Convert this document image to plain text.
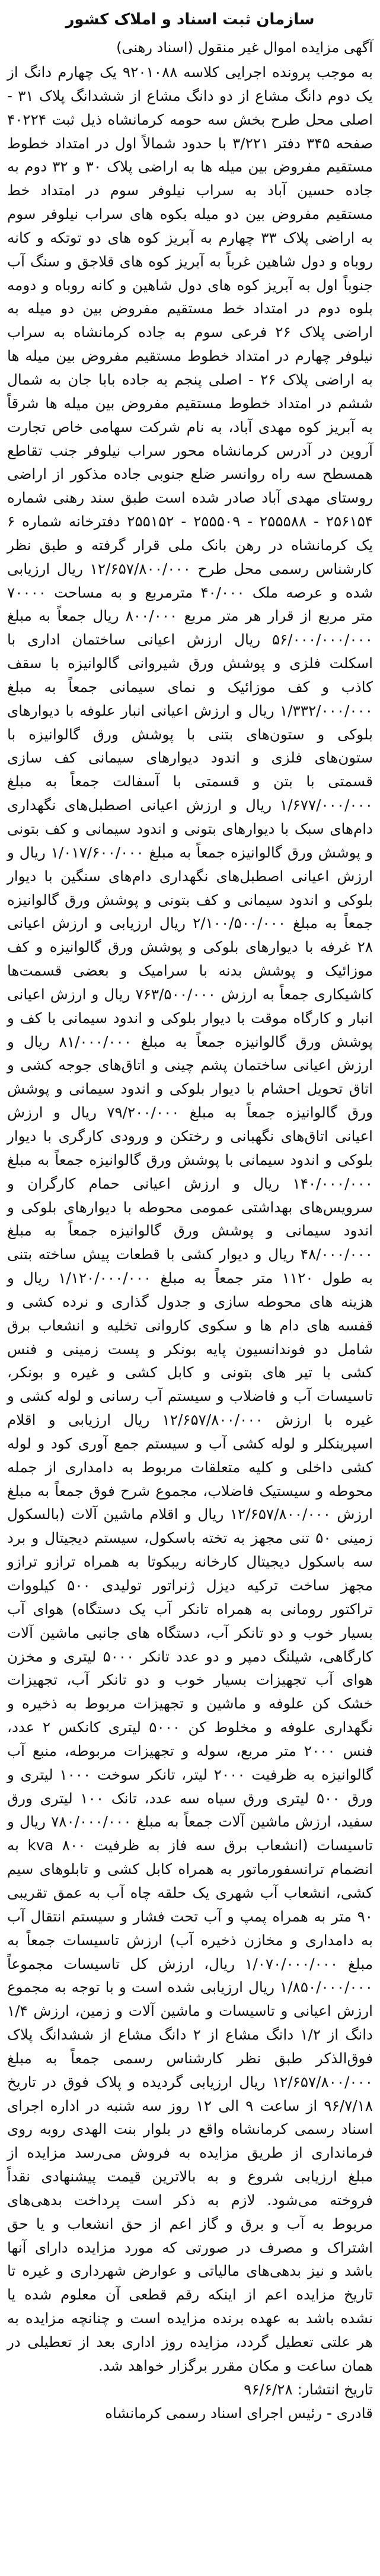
سازمان ثبت اسناد و املاک کشور

آگهی مزایده اموال غیر منقول (اسناد رهنی)

به موجب پرونده اجرایی کلاسه ۹۲۰۱۰۸۸ یک چهارم دانگ از یک دوم دانگ مشاع از دو دانگ مشاع از ششدانگ پلاک ۳۱ - اصلی محل طرح بخش سه حومه کرمانشاه ذیل ثبت ۴۰۲۲۴ صفحه ۳۴۵ دفتر ۳/۲۲۱ با حدود شمالاً اول در امتداد خطوط مستقیم مفروض بین میله ها به اراضی پلاک ۳۰ و ۳۲ دوم به جاده حسین آباد به سراب نیلوفر سوم در امتداد خط مستقیم مفروض بین دو میله بکوه های سراب نیلوفر سوم به اراضی پلاک ۳۳ چهارم به آبریز کوه های دو توتکه و کانه روباه و دول شاهین غرباً به آبریز کوه های قلاجق و سنگ آب جنوباً اول به آبریز کوه های دول شاهین و کانه روباه و دومه بلوه دوم در امتداد خط مستقیم مفروض بین دو میله به اراضی پلاک ۲۶ فرعی سوم به جاده کرمانشاه به سراب نیلوفر چهارم در امتداد خطوط مستقیم مفروض بین میله ها به اراضی پلاک ۲۶ - اصلی پنجم به جاده بابا جان به شمال ششم در امتداد خطوط مستقیم مفروض بین میله ها شرقاً به آبریز کوه مهدی آباد، به نام شرکت سهامی خاص تجارت آروین در آدرس کرمانشاه محور سراب نیلوفر جنب تقاطع همسطح سه راه روانسر ضلع جنوبی جاده مذکور از اراضی روستای مهدی آباد صادر شده است طبق سند رهنی شماره ۲۵۶۱۵۴ - ۲۵۵۵۸۸ - ۲۵۵۵۰۹ - ۲۵۵۱۵۲ دفترخانه شماره ۶ یک کرمانشاه در رهن بانک ملی قرار گرفته و طبق نظر کارشناس رسمی محل طرح ۱۲/۶۵۷/۸۰۰/۰۰۰ ریال ارزیابی شده و عرصه ملک ۴۰/۰۰۰ مترمربع و به مساحت ۷۰۰۰۰ متر مربع از قرار هر متر مربع ۸۰۰/۰۰۰ ریال جمعاً به مبلغ ۵۶/۰۰۰/۰۰۰/۰۰۰ ریال ارزش اعیانی ساختمان اداری با اسکلت فلزی و پوشش ورق شیروانی گالوانیزه با سقف کاذب و کف موزائیک و نمای سیمانی جمعاً به مبلغ ۱/۳۳۲/۰۰۰/۰۰۰ ریال و ارزش اعیانی انبار علوفه با دیوارهای بلوکی و ستون‌های بتنی با پوشش ورق گالوانیزه با ستون‌های فلزی و اندود دیوارهای سیمانی کف سازی قسمتی با بتن و قسمتی با آسفالت جمعاً به مبلغ ۱/۶۷۷/۰۰۰/۰۰۰ ریال و ارزش اعیانی اصطبل‌های نگهداری دام‌های سبک با دیوارهای بتونی و اندود سیمانی و کف بتونی و پوشش ورق گالوانیزه جمعاً به مبلغ ۱/۰۱۷/۶۰۰/۰۰۰ ریال و ارزش اعیانی اصطبل‌های نگهداری دام‌های سنگین با دیوار بلوکی و اندود سیمانی و کف بتونی و پوشش ورق گالوانیزه جمعاً به مبلغ ۲/۱۰۰/۵۰۰/۰۰۰ ریال ارزیابی و ارزش اعیانی ۲۸ غرفه با دیوارهای بلوکی و پوشش ورق گالوانیزه و کف موزائیک و پوشش بدنه با سرامیک و بعضی قسمت‌ها کاشیکاری جمعاً به ارزش ۷۶۳/۵۰۰/۰۰۰ ریال و ارزش اعیانی انبار و کارگاه موقت با دیوار بلوکی و اندود سیمانی با کف و پوشش ورق گالوانیزه جمعاً به مبلغ ۸۱/۰۰۰/۰۰۰ ریال و ارزش اعیانی ساختمان پشم چینی و اتاق‌های جوجه کشی و اتاق تحویل احشام با دیوار بلوکی و اندود سیمانی و پوشش ورق گالوانیزه جمعاً به مبلغ ۷۹/۲۰۰/۰۰۰ ریال و ارزش اعیانی اتاق‌های نگهبانی و رختکن و ورودی کارگری با دیوار بلوکی و اندود سیمانی با پوشش ورق گالوانیزه جمعاً به مبلغ ۱۴۰/۰۰۰/۰۰۰ ریال و ارزش اعیانی حمام کارگران و سرویس‌های بهداشتی عمومی محوطه با دیوارهای بلوکی و اندود سیمانی و پوشش ورق گالوانیزه جمعاً به مبلغ ۴۸/۰۰۰/۰۰۰ ریال و دیوار کشی با قطعات پیش ساخته بتنی به طول ۱۱۲۰ متر جمعاً به مبلغ ۱/۱۲۰/۰۰۰/۰۰۰ ریال و هزینه های محوطه سازی و جدول گذاری و نرده کشی و قفسه های دام ها و سکوی کاروانی تخلیه و انشعاب برق شامل دو فوندانسیون پایه بونکر و پست زمینی و فنس کشی با تیر های بتونی و کابل کشی و غیره و بونکر، تاسیسات آب و فاضلاب و سیستم آب رسانی و لوله کشی و غیره با ارزش ۱۲/۶۵۷/۸۰۰/۰۰۰ ریال ارزیابی و اقلام اسپرینکلر و لوله کشی آب و سیستم جمع آوری کود و لوله کشی داخلی و کلیه متعلقات مربوط به دامداری از جمله محوطه و سیستیک فاضلاب، مجموع شرح فوق جمعاً به مبلغ ارزش ۱۲/۶۵۷/۸۰۰/۰۰۰ ریال و اقلام ماشین آلات (بالسکول زمینی ۵۰ تنی مجهز به تخته باسکول، سیستم دیجیتال و برد سه باسکول دیجیتال کارخانه ریبکوتا به همراه ترازو ترازو مجهز ساخت ترکیه دیزل ژنراتور تولیدی ۵۰۰ کیلووات تراکتور رومانی به همراه تانکر آب یک دستگاه) هوای آب بسیار خوب و دو تانکر آب، دستگاه های جانبی ماشین آلات کارگاهی، شیلنگ دمپر و دو عدد تانکر ۵۰۰۰ لیتری و مخزن هوای آب تجهیزات بسیار خوب و دو تانکر آب، تجهیزات خشک کن علوفه و ماشین و تجهیزات مربوط به ذخیره و نگهداری علوفه و مخلوط کن ۵۰۰۰ لیتری کانکس ۲ عدد، فنس ۲۰۰۰ متر مربع، سوله و تجهیزات مربوطه، منبع آب گالوانیزه به ظرفیت ۲۰۰۰ لیتر، تانکر سوخت ۱۰۰۰ لیتری و ورق ۵۰۰ لیتری ورق سیاه سه عدد، تانک ۱۰۰ لیتری ورق سفید، ارزش ماشین آلات جمعاً به مبلغ ۷۸۰/۰۰۰/۰۰۰ ریال و تاسیسات (انشعاب برق سه فاز به ظرفیت ۸۰۰ kva به انضمام ترانسفورماتور به همراه کابل کشی و تابلوهای سیم کشی، انشعاب آب شهری یک حلقه چاه آب به عمق تقریبی ۹۰ متر به همراه پمپ و آب تحت فشار و سیستم انتقال آب به دامداری و مخازن ذخیره آب) ارزش تاسیسات جمعاً به مبلغ ۱/۰۷۰/۰۰۰/۰۰۰ ریال، ارزش کل تاسیسات مجموعاً ۱/۸۵۰/۰۰۰/۰۰۰ ریال ارزیابی شده است و با توجه به مجموع ارزش اعیانی و تاسیسات و ماشین آلات و زمین، ارزش ۱/۴ دانگ از ۱/۲ دانگ مشاع از ۲ دانگ مشاع از ششدانگ پلاک فوق‌الذکر طبق نظر کارشناس رسمی جمعاً به مبلغ ۱۲/۶۵۷/۸۰۰/۰۰۰ ریال ارزیابی گردیده و پلاک فوق در تاریخ ۹۶/۷/۱۸ از ساعت ۹ الی ۱۲ روز سه شنبه در اداره اجرای اسناد رسمی کرمانشاه واقع در بلوار بنت الهدی روبه روی فرمانداری از طریق مزایده به فروش می‌رسد مزایده از مبلغ ارزیابی شروع و به بالاترین قیمت پیشنهادی نقداً فروخته می‌شود. لازم به ذکر است پرداخت بدهی‌های مربوط به آب و برق و گاز اعم از حق انشعاب و یا حق اشتراک و مصرف در صورتی که مورد مزایده دارای آنها باشد و نیز بدهی‌های مالیاتی و عوارض شهرداری و غیره تا تاریخ مزایده اعم از اینکه رقم قطعی آن معلوم شده یا نشده باشد به عهده برنده مزایده است و چنانچه مزایده به هر علتی تعطیل گردد، مزایده روز اداری بعد از تعطیلی در همان ساعت و مکان مقرر برگزار خواهد شد.

تاریخ انتشار: ۹۶/۶/۲۸

قادری - رئیس اجرای اسناد رسمی کرمانشاه
